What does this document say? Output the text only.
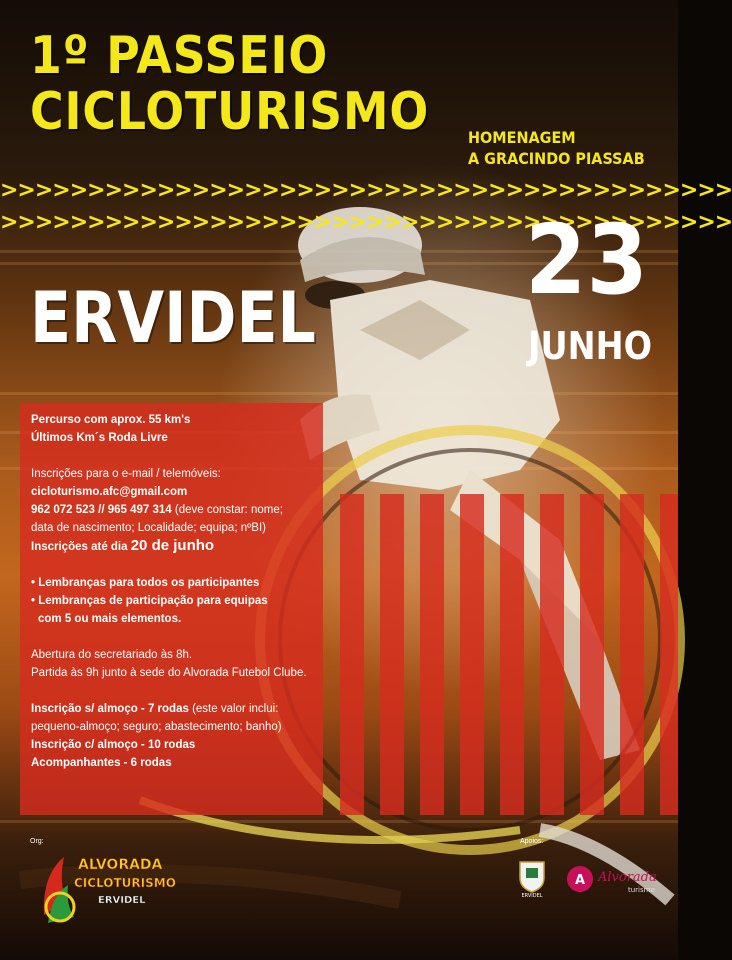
1º PASSEIO
CICLOTURISMO HOMENAGEM
A GRACINDO PIASSAB
>>>>>>>>>>>>>>>>>>>>>>>>>>>>>>>>>>>>>>>>>>
>>>>>>>>>>>>>>>>>>>>>>>>>>>>>>>>>>>>>>>>>>
23
JUNHO
ERVIDEL

Percurso com aprox. 55 km's

Últimos Km´s Roda Livre

Inscrições para o e-mail / telemóveis:

cicloturismo.afc@gmail.com

962 072 523 // 965 497 314 (deve constar: nome;

data de nascimento; Localidade; equipa; nºBI)

Inscrições até dia 20 de junho

• Lembranças para todos os participantes

• Lembranças de participação para equipas

com 5 ou mais elementos.

Abertura do secretariado às 8h.

Partida às 9h junto à sede do Alvorada Futebol Clube.

Inscrição s/ almoço - 7 rodas (este valor inclui:

pequeno-almoço; seguro; abastecimento; banho)

Inscrição c/ almoço - 10 rodas

Acompanhantes - 6 rodas

Org:	Apoios:
ALVORADA
CICLOTURISMO
ERVIDEL	ERVIDEL
A Alvorada
turismo
